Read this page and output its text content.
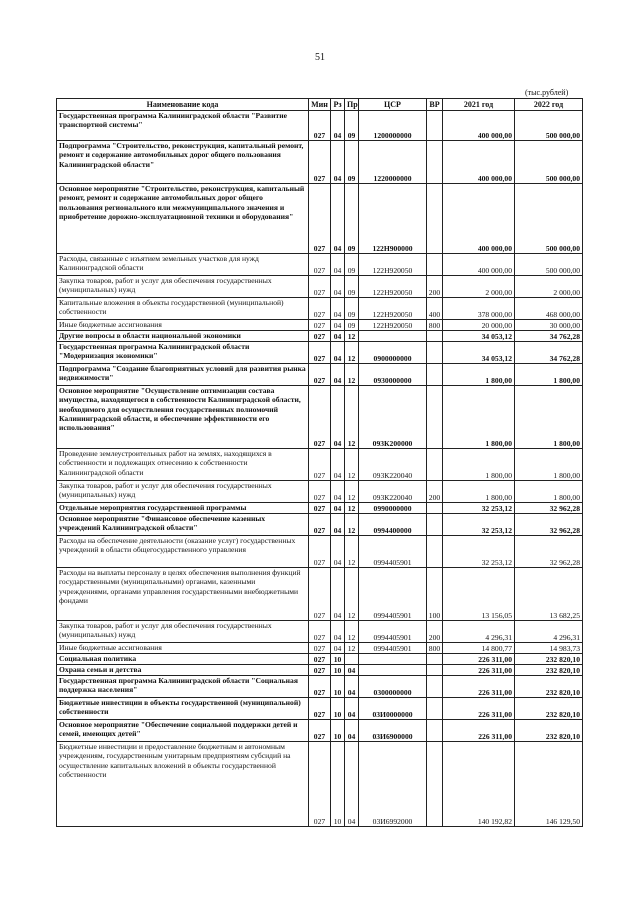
51
(тыс.рублей)
Наименование кода	Мин	Рз	Пр	ЦСР	ВР	2021 год	2022 год
Государственная программа Калининградской области "Развитие транспортной системы"	027	04	09	1200000000		400 000,00	500 000,00
Подпрограмма "Строительство, реконструкция, капитальный ремонт, ремонт и содержание автомобильных дорог общего пользования Калининградской области"	027	04	09	1220000000		400 000,00	500 000,00
Основное мероприятие "Строительство, реконструкция, капитальный ремонт, ремонт и содержание автомобильных дорог общего пользования регионального или межмуниципального значения и приобретение дорожно-эксплуатационной техники и оборудования"	027	04	09	122Н900000		400 000,00	500 000,00
Расходы, связанные с изъятием земельных участков для нужд Калининградской области	027	04	09	122Н920050		400 000,00	500 000,00
Закупка товаров, работ и услуг для обеспечения государственных (муниципальных) нужд	027	04	09	122Н920050	200	2 000,00	2 000,00
Капитальные вложения в объекты государственной (муниципальной) собственности	027	04	09	122Н920050	400	378 000,00	468 000,00
Иные бюджетные ассигнования	027	04	09	122Н920050	800	20 000,00	30 000,00
Другие вопросы в области национальной экономики	027	04	12			34 053,12	34 762,28
Государственная программа Калининградской области "Модернизация экономики"	027	04	12	0900000000		34 053,12	34 762,28
Подпрограмма "Создание благоприятных условий для развития рынка недвижимости"	027	04	12	0930000000		1 800,00	1 800,00
Основное мероприятие "Осуществление оптимизации состава имущества, находящегося в собственности Калининградской области, необходимого для осуществления государственных полномочий Калининградской области, и обеспечение эффективности его использования"	027	04	12	093К200000		1 800,00	1 800,00
Проведение землеустроительных работ на землях, находящихся в собственности и подлежащих отнесению к собственности Калининградской области	027	04	12	093К220040		1 800,00	1 800,00
Закупка товаров, работ и услуг для обеспечения государственных (муниципальных) нужд	027	04	12	093К220040	200	1 800,00	1 800,00
Отдельные мероприятия государственной программы	027	04	12	0990000000		32 253,12	32 962,28
Основное мероприятие "Финансовое обеспечение казенных учреждений Калининградской области"	027	04	12	0994400000		32 253,12	32 962,28
Расходы на обеспечение деятельности (оказание услуг) государственных учреждений в области общегосударственного управления	027	04	12	0994405901		32 253,12	32 962,28
Расходы на выплаты персоналу в целях обеспечения выполнения функций государственными (муниципальными) органами, казенными учреждениями, органами управления государственными внебюджетными фондами	027	04	12	0994405901	100	13 156,05	13 682,25
Закупка товаров, работ и услуг для обеспечения государственных (муниципальных) нужд	027	04	12	0994405901	200	4 296,31	4 296,31
Иные бюджетные ассигнования	027	04	12	0994405901	800	14 800,77	14 983,73
Социальная политика	027	10				226 311,00	232 820,10
Охрана семьи и детства	027	10	04			226 311,00	232 820,10
Государственная программа Калининградской области "Социальная поддержка населения"	027	10	04	0300000000		226 311,00	232 820,10
Бюджетные инвестиции в объекты государственной (муниципальной) собственности	027	10	04	03И0000000		226 311,00	232 820,10
Основное мероприятие "Обеспечение социальной поддержки детей и семей, имеющих детей"	027	10	04	03И6900000		226 311,00	232 820,10
Бюджетные инвестиции и предоставление бюджетным и автономным учреждениям, государственным унитарным предприятиям субсидий на осуществление капитальных вложений в объекты государственной собственности	027	10	04	03И6992000		140 192,82	146 129,50
